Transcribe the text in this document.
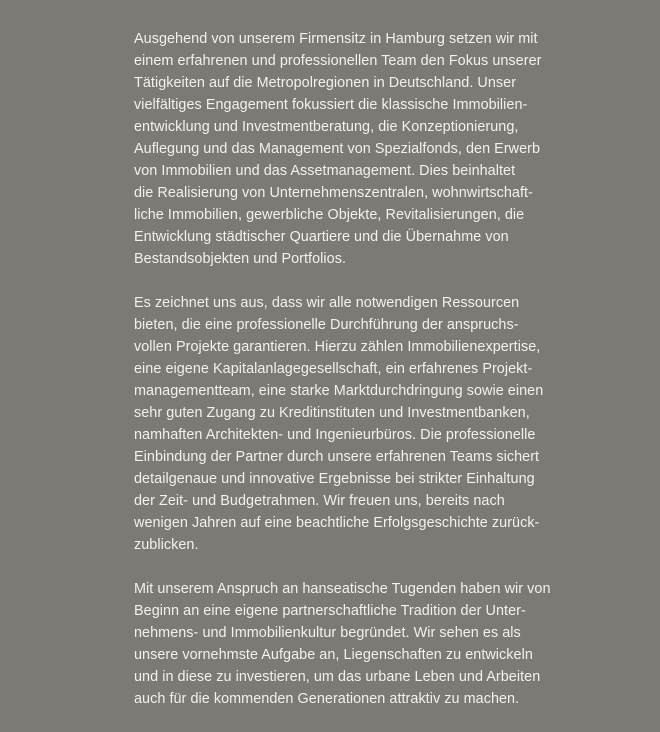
Ausgehend von unserem Firmensitz in Hamburg setzen wir mit
einem erfahrenen und professionellen Team den Fokus unserer
Tätigkeiten auf die Metropolregionen in Deutschland. Unser
vielfältiges Engagement fokussiert die klassische Immobilien-
entwicklung und Investmentberatung, die Konzeptionierung,
Auflegung und das Management von Spezialfonds, den Erwerb
von Immobilien und das Assetmanagement. Dies beinhaltet
die Realisierung von Unternehmenszentralen, wohnwirtschaft-
liche Immobilien, gewerbliche Objekte, Revitalisierungen, die
Entwicklung städtischer Quartiere und die Übernahme von
Bestandsobjekten und Portfolios.

Es zeichnet uns aus, dass wir alle notwendigen Ressourcen
bieten, die eine professionelle Durchführung der anspruchs-
vollen Projekte garantieren. Hierzu zählen Immobilienexpertise,
eine eigene Kapitalanlagegesellschaft, ein erfahrenes Projekt-
managementteam, eine starke Marktdurchdringung sowie einen
sehr guten Zugang zu Kreditinstituten und Investmentbanken,
namhaften Architekten- und Ingenieurbüros. Die professionelle
Einbindung der Partner durch unsere erfahrenen Teams sichert
detailgenaue und innovative Ergebnisse bei strikter Einhaltung
der Zeit- und Budgetrahmen. Wir freuen uns, bereits nach
wenigen Jahren auf eine beachtliche Erfolgsgeschichte zurück-
zublicken.

Mit unserem Anspruch an hanseatische Tugenden haben wir von
Beginn an eine eigene partnerschaftliche Tradition der Unter-
nehmens- und Immobilienkultur begründet. Wir sehen es als
unsere vornehmste Aufgabe an, Liegenschaften zu entwickeln
und in diese zu investieren, um das urbane Leben und Arbeiten
auch für die kommenden Generationen attraktiv zu machen.
